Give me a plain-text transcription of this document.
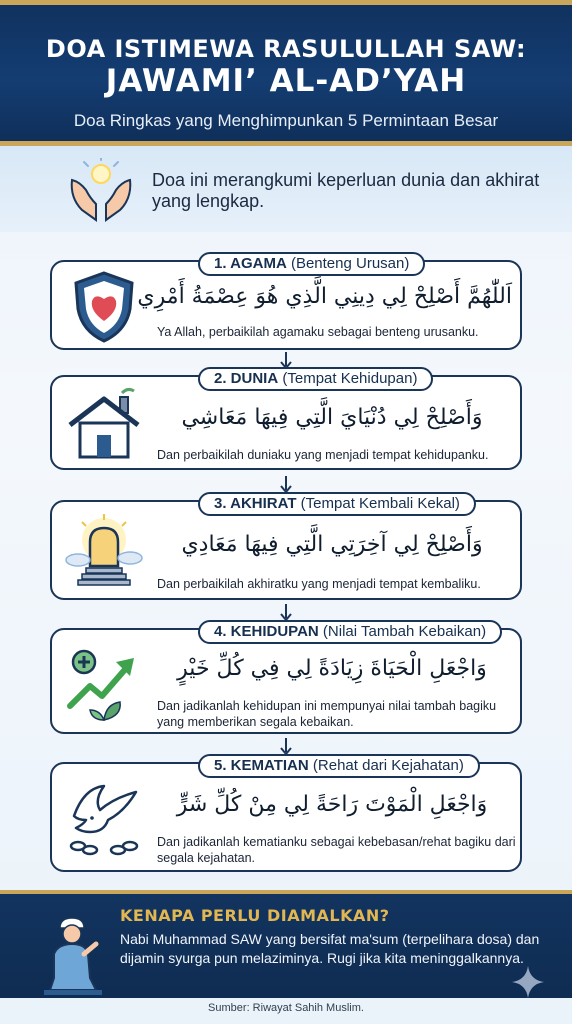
DOA ISTIMEWA RASULULLAH SAW:
JAWAMI’ AL-AD’YAH
Doa Ringkas yang Menghimpunkan 5 Permintaan Besar
Doa ini merangkumi keperluan dunia dan akhirat yang lengkap.
1. AGAMA (Benteng Urusan)
اَللّٰهُمَّ أَصْلِحْ لِي دِينِي الَّذِي هُوَ عِصْمَةُ أَمْرِي
Ya Allah, perbaikilah agamaku sebagai benteng urusanku.
2. DUNIA (Tempat Kehidupan)
وَأَصْلِحْ لِي دُنْيَايَ الَّتِي فِيهَا مَعَاشِي
Dan perbaikilah duniaku yang menjadi tempat kehidupanku.
3. AKHIRAT (Tempat Kembali Kekal)
وَأَصْلِحْ لِي آخِرَتِي الَّتِي فِيهَا مَعَادِي
Dan perbaikilah akhiratku yang menjadi tempat kembaliku.
4. KEHIDUPAN (Nilai Tambah Kebaikan)
وَاجْعَلِ الْحَيَاةَ زِيَادَةً لِي فِي كُلِّ خَيْرٍ
Dan jadikanlah kehidupan ini mempunyai nilai tambah bagiku yang memberikan segala kebaikan.
5. KEMATIAN (Rehat dari Kejahatan)
وَاجْعَلِ الْمَوْتَ رَاحَةً لِي مِنْ كُلِّ شَرٍّ
Dan jadikanlah kematianku sebagai kebebasan/rehat bagiku dari segala kejahatan.
KENAPA PERLU DIAMALKAN?
Nabi Muhammad SAW yang bersifat ma'sum (terpelihara dosa) dan dijamin syurga pun melaziminya. Rugi jika kita meninggalkannya.
Sumber: Riwayat Sahih Muslim.
